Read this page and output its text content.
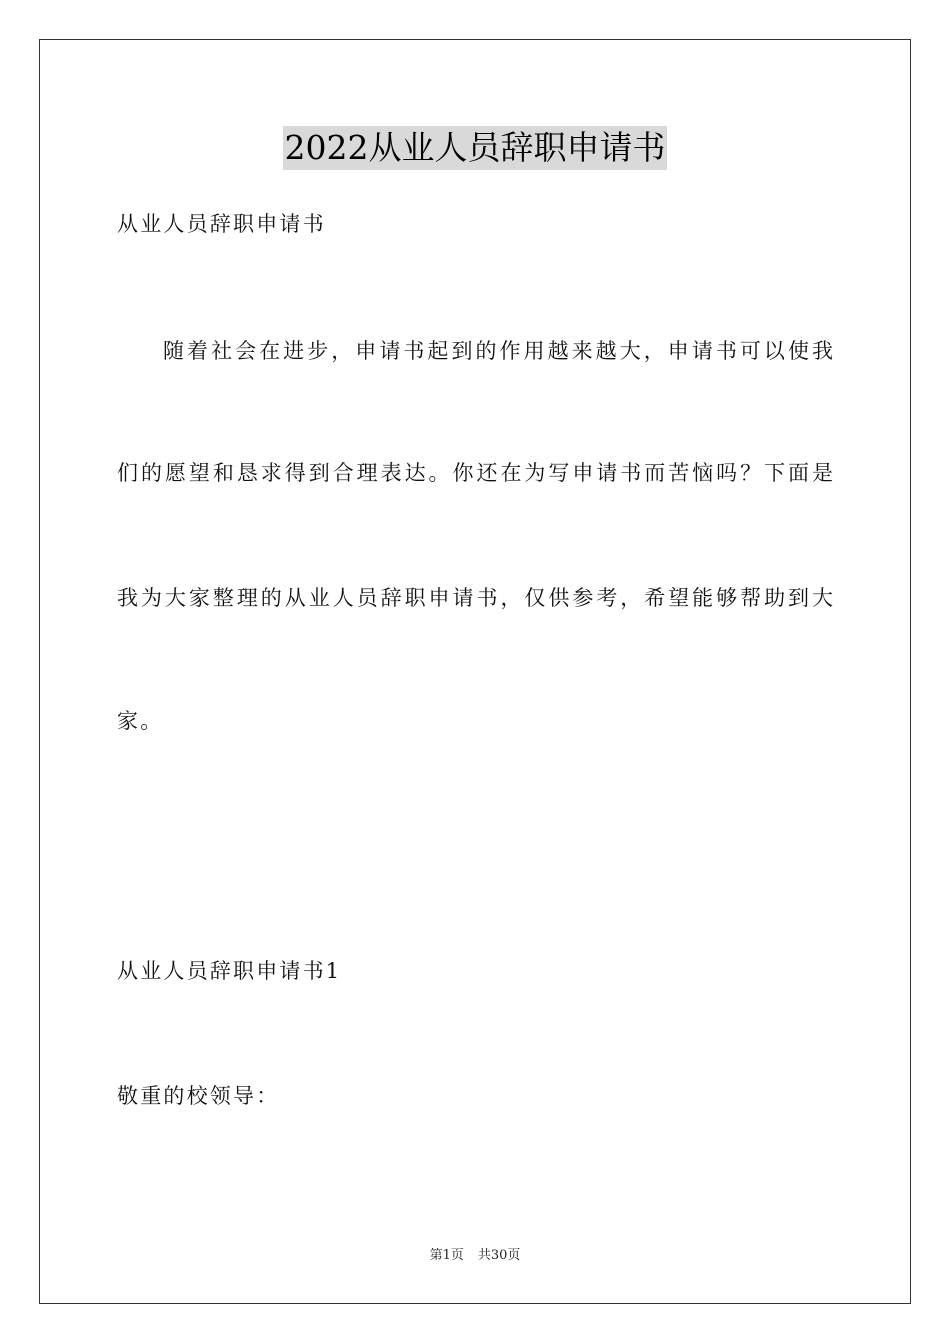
2022从业人员辞职申请书
从业人员辞职申请书
随着社会在进步，申请书起到的作用越来越大，申请书可以使我
们的愿望和恳求得到合理表达。你还在为写申请书而苦恼吗？下面是
我为大家整理的从业人员辞职申请书，仅供参考，希望能够帮助到大
家。
从业人员辞职申请书1
敬重的校领导：
第1页 共30页
